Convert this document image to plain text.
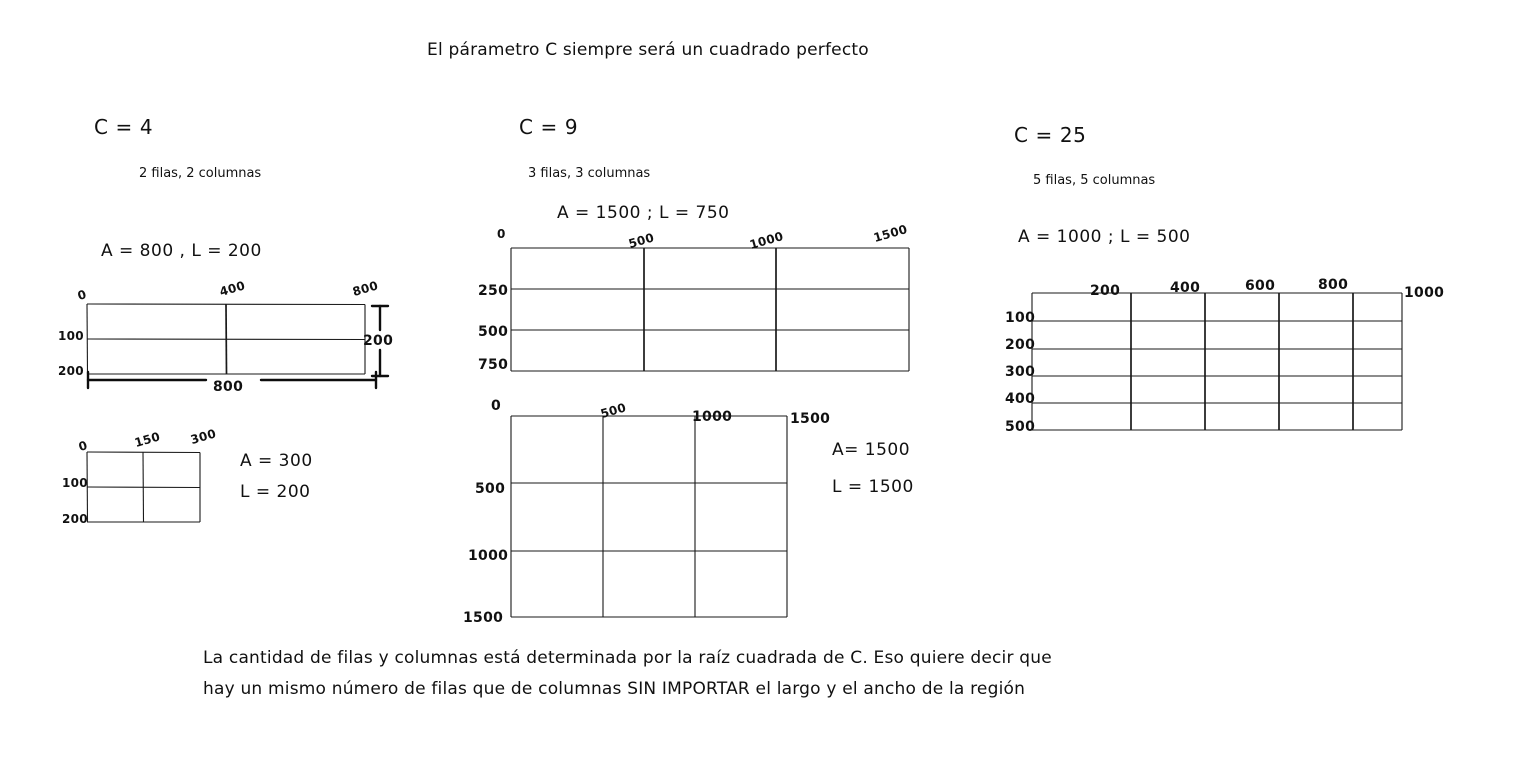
El párametro C siempre será un cuadrado perfecto
C = 4
2 filas, 2 columnas
A = 800 , L = 200
0	400	800
100
200
800
200
0	150 300
100
200
A = 300
L = 200
C = 9
3 filas, 3 columnas
A = 1500 ; L = 750
0	500	1000	1500
250
500
750
0	500	1000	1500
500
1000
1500
A= 1500
L = 1500
C = 25
5 filas, 5 columnas
A = 1000 ; L = 500
100
200
300
400
500
200	400	600	800	1000
La cantidad de filas y columnas está determinada por la raíz cuadrada de C. Eso quiere decir que
hay un mismo número de filas que de columnas SIN IMPORTAR el largo y el ancho de la región
